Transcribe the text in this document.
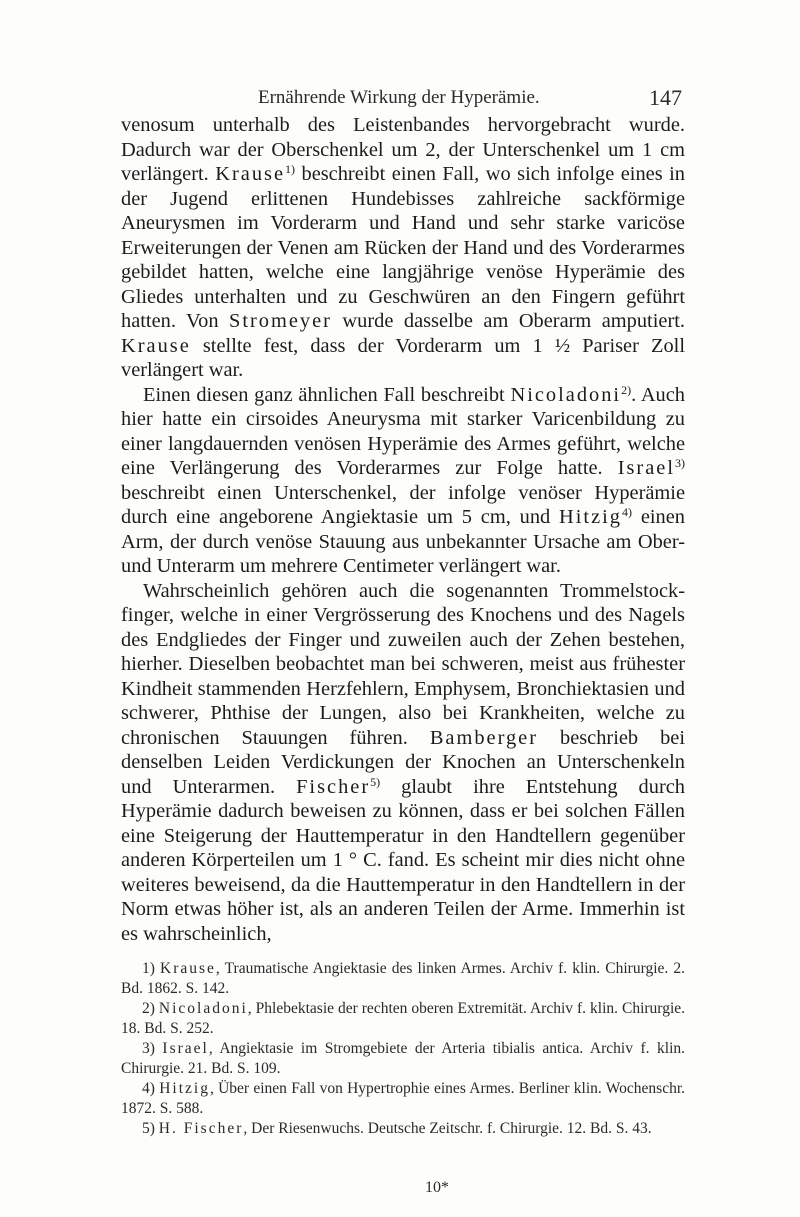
Ernährende Wirkung der Hyperämie.	147

venosum unterhalb des Leistenbandes hervorgebracht wurde. Dadurch war der Oberschenkel um 2, der Unterschenkel um 1 cm verlängert. Krause$^{1)}$ beschreibt einen Fall, wo sich infolge eines in der Jugend erlittenen Hundebisses zahlreiche sackförmige Aneurysmen im Vorderarm und Hand und sehr starke varicöse Erweiterungen der Venen am Rücken der Hand und des Vorderarmes gebildet hatten, welche eine langjährige venöse Hyperämie des Gliedes unterhalten und zu Geschwüren an den Fingern geführt hatten. Von Stromeyer wurde dasselbe am Oberarm amputiert. Krause stellte fest, dass der Vorderarm um 1 ½ Pariser Zoll verlängert war.

Einen diesen ganz ähnlichen Fall beschreibt Nicoladoni$^{2)}$. Auch hier hatte ein cirsoides Aneurysma mit starker Varicenbildung zu einer langdauernden venösen Hyperämie des Armes geführt, welche eine Verlängerung des Vorderarmes zur Folge hatte. Israel$^{3)}$ beschreibt einen Unterschenkel, der infolge venöser Hyperämie durch eine angeborene Angiektasie um 5 cm, und Hitzig$^{4)}$ einen Arm, der durch venöse Stauung aus unbekannter Ursache am Ober- und Unterarm um mehrere Centimeter verlängert war.

Wahrscheinlich gehören auch die sogenannten Trommelstock-finger, welche in einer Vergrösserung des Knochens und des Nagels des Endgliedes der Finger und zuweilen auch der Zehen bestehen, hierher. Dieselben beobachtet man bei schweren, meist aus frühester Kindheit stammenden Herzfehlern, Emphysem, Bronchiektasien und schwerer, Phthise der Lungen, also bei Krankheiten, welche zu chronischen Stauungen führen. Bamberger beschrieb bei denselben Leiden Verdickungen der Knochen an Unterschenkeln und Unterarmen. Fischer$^{5)}$ glaubt ihre Entstehung durch Hyperämie dadurch beweisen zu können, dass er bei solchen Fällen eine Steigerung der Hauttemperatur in den Handtellern gegenüber anderen Körperteilen um 1 ° C. fand. Es scheint mir dies nicht ohne weiteres beweisend, da die Hauttemperatur in den Handtellern in der Norm etwas höher ist, als an anderen Teilen der Arme. Immerhin ist es wahrscheinlich,

1) Krause, Traumatische Angiektasie des linken Armes. Archiv f. klin. Chirurgie. 2. Bd. 1862. S. 142.

2) Nicoladoni, Phlebektasie der rechten oberen Extremität. Archiv f. klin. Chirurgie. 18. Bd. S. 252.

3) Israel, Angiektasie im Stromgebiete der Arteria tibialis antica. Archiv f. klin. Chirurgie. 21. Bd. S. 109.

4) Hitzig, Über einen Fall von Hypertrophie eines Armes. Berliner klin. Wochenschr. 1872. S. 588.

5) H. Fischer, Der Riesenwuchs. Deutsche Zeitschr. f. Chirurgie. 12. Bd. S. 43.

10*
